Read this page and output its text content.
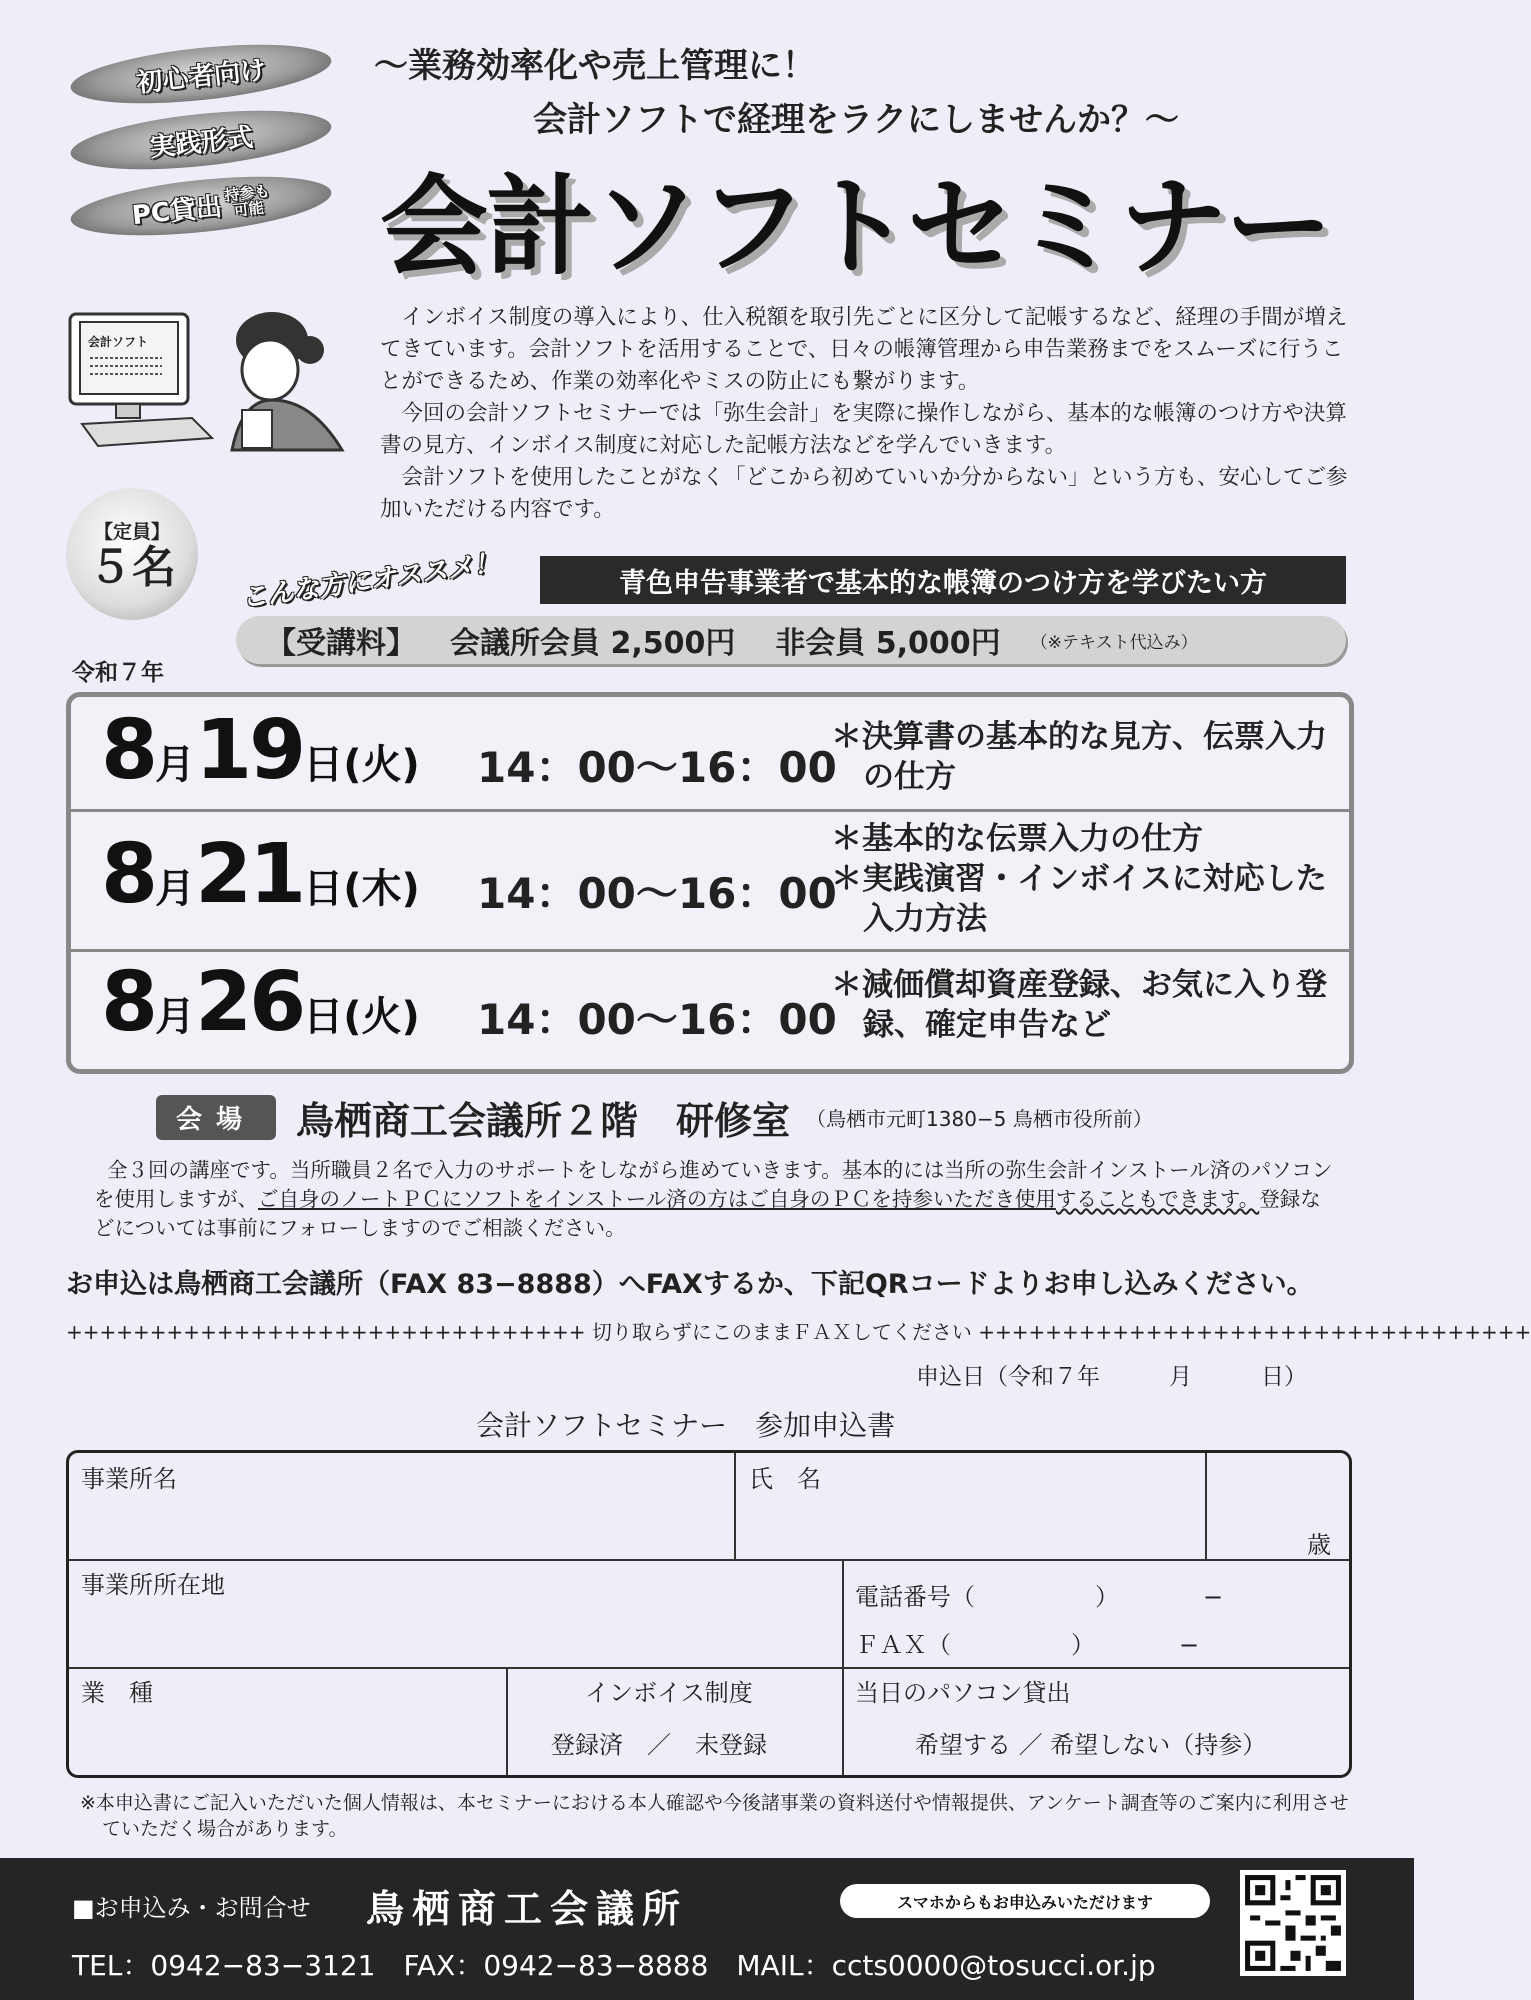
初心者向け
実践形式
PC貸出 持参も
可能
～業務効率化や売上管理に！
会計ソフトで経理をラクにしませんか？～
会計ソフトセミナー
会計ソフト

インボイス制度の導入により、仕入税額を取引先ごとに区分して記帳するなど、経理の手間が増えてきています。会計ソフトを活用することで、日々の帳簿管理から申告業務までをスムーズに行うことができるため、作業の効率化やミスの防止にも繋がります。

今回の会計ソフトセミナーでは「弥生会計」を実際に操作しながら、基本的な帳簿のつけ方や決算書の見方、インボイス制度に対応した記帳方法などを学んでいきます。

会計ソフトを使用したことがなく「どこから初めていいか分からない」という方も、安心してご参加いただける内容です。

【定員】
５名 こんな方にオススメ！	青色申告事業者で基本的な帳簿のつけ方を学びたい方
【受講料】 会議所会員 2,500円 非会員 5,000円 （※テキスト代込み）
令和７年
8月19日(火) 14：00～16：00
＊決算書の基本的な見方、伝票入力の仕方
8月21日(木) 14：00～16：00
＊基本的な伝票入力の仕方
＊実践演習・インボイスに対応した入力方法
8月26日(火) 14：00～16：00
＊減価償却資産登録、お気に入り登録、確定申告など
会場	鳥栖商工会議所２階　研修室 （鳥栖市元町1380−5 鳥栖市役所前）
全３回の講座です。当所職員２名で入力のサポートをしながら進めていきます。基本的には当所の弥生会計インストール済のパソコンを使用しますが、ご自身のノートＰＣにソフトをインストール済の方はご自身のＰＣを持参いただき使用することもできます。登録などについては事前にフォローしますのでご相談ください。
お申込は鳥栖商工会議所（FAX 83−8888）へFAXするか、下記QRコードよりお申し込みください。
+++++++++++++++++++++++++++++++ 切り取らずにこのままＦＡＸしてください +++++++++++++++++++++++++++++++++
申込日（令和７年　　　月　　　日）
会計ソフトセミナー　参加申込書
事業所名	氏　名
歳
事業所所在地	電話番号（　　　　　）　　　　−
ＦＡＸ（　　　　　）　　　　−
業　種	インボイス制度
登録済　／　未登録
当日のパソコン貸出
希望する ／ 希望しない（持参）
※本申込書にご記入いただいた個人情報は、本セミナーにおける本人確認や今後諸事業の資料送付や情報提供、アンケート調査等のご案内に利用させていただく場合があります。
■お申込み・お問合せ 鳥栖商工会議所
TEL：0942−83−3121　FAX：0942−83−8888　MAIL：ccts0000@tosucci.or.jp
スマホからもお申込みいただけます
